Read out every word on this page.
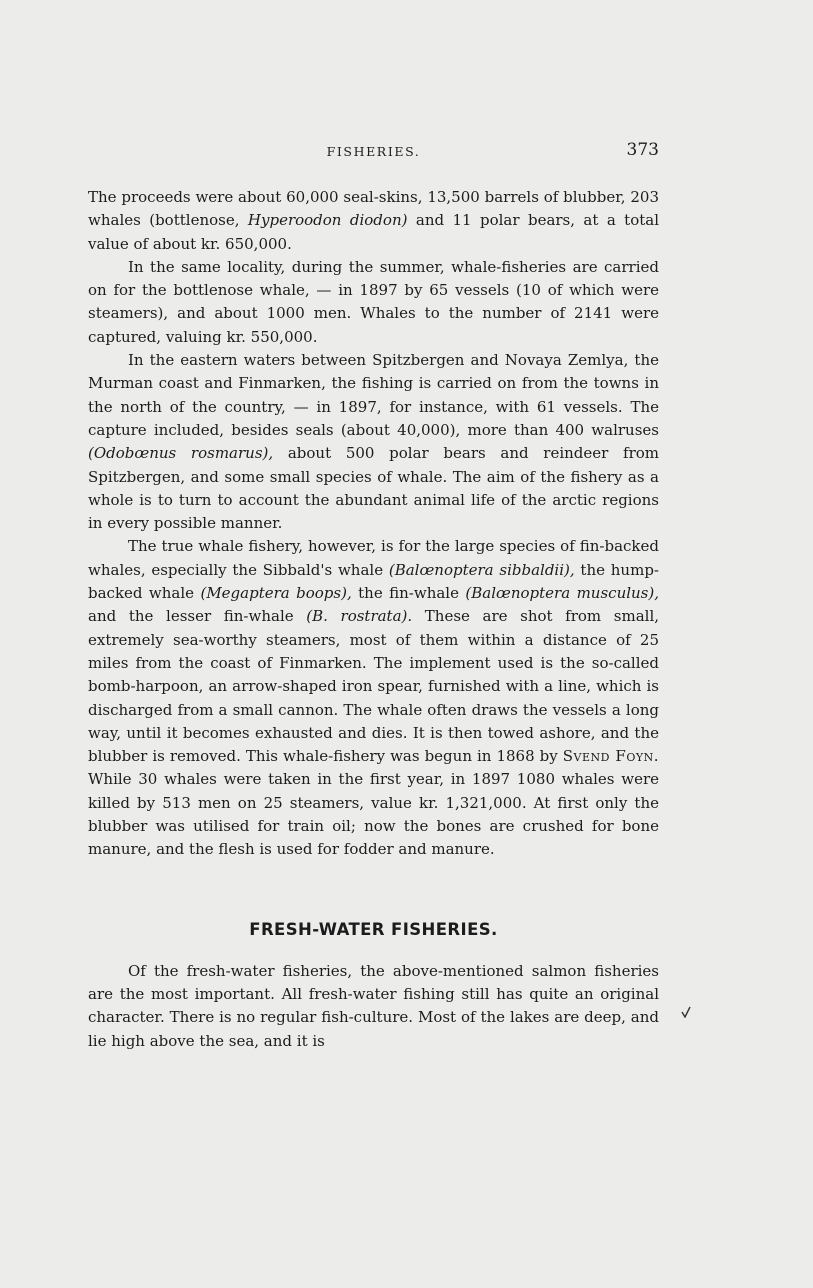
FISHERIES.	373

The proceeds were about 60,000 seal-skins, 13,500 barrels of blubber, 203 whales (bottlenose, Hyperoodon diodon) and 11 polar bears, at a total value of about kr. 650,000.

In the same locality, during the summer, whale-fisheries are carried on for the bottlenose whale, — in 1897 by 65 vessels (10 of which were steamers), and about 1000 men. Whales to the number of 2141 were captured, valuing kr. 550,000.

In the eastern waters between Spitzbergen and Novaya Zemlya, the Murman coast and Finmarken, the fishing is carried on from the towns in the north of the country, — in 1897, for instance, with 61 vessels. The capture included, besides seals (about 40,000), more than 400 walruses (Odobœnus rosmarus), about 500 polar bears and reindeer from Spitzbergen, and some small species of whale. The aim of the fishery as a whole is to turn to account the abundant animal life of the arctic regions in every possible manner.

The true whale fishery, however, is for the large species of fin-backed whales, especially the Sibbald's whale (Balœnoptera sibbaldii), the hump-backed whale (Megaptera boops), the fin-whale (Balœnoptera musculus), and the lesser fin-whale (B. rostrata). These are shot from small, extremely sea-worthy steamers, most of them within a distance of 25 miles from the coast of Finmarken. The implement used is the so-called bomb-harpoon, an arrow-shaped iron spear, furnished with a line, which is discharged from a small cannon. The whale often draws the vessels a long way, until it becomes exhausted and dies. It is then towed ashore, and the blubber is removed. This whale-fishery was begun in 1868 by Svend Foyn. While 30 whales were taken in the first year, in 1897 1080 whales were killed by 513 men on 25 steamers, value kr. 1,321,000. At first only the blubber was utilised for train oil; now the bones are crushed for bone manure, and the flesh is used for fodder and manure.

FRESH-WATER FISHERIES.

Of the fresh-water fisheries, the above-mentioned salmon fisheries are the most important. All fresh-water fishing still has quite an original character. There is no regular fish-culture. Most of the lakes are deep, and lie high above the sea, and it is
